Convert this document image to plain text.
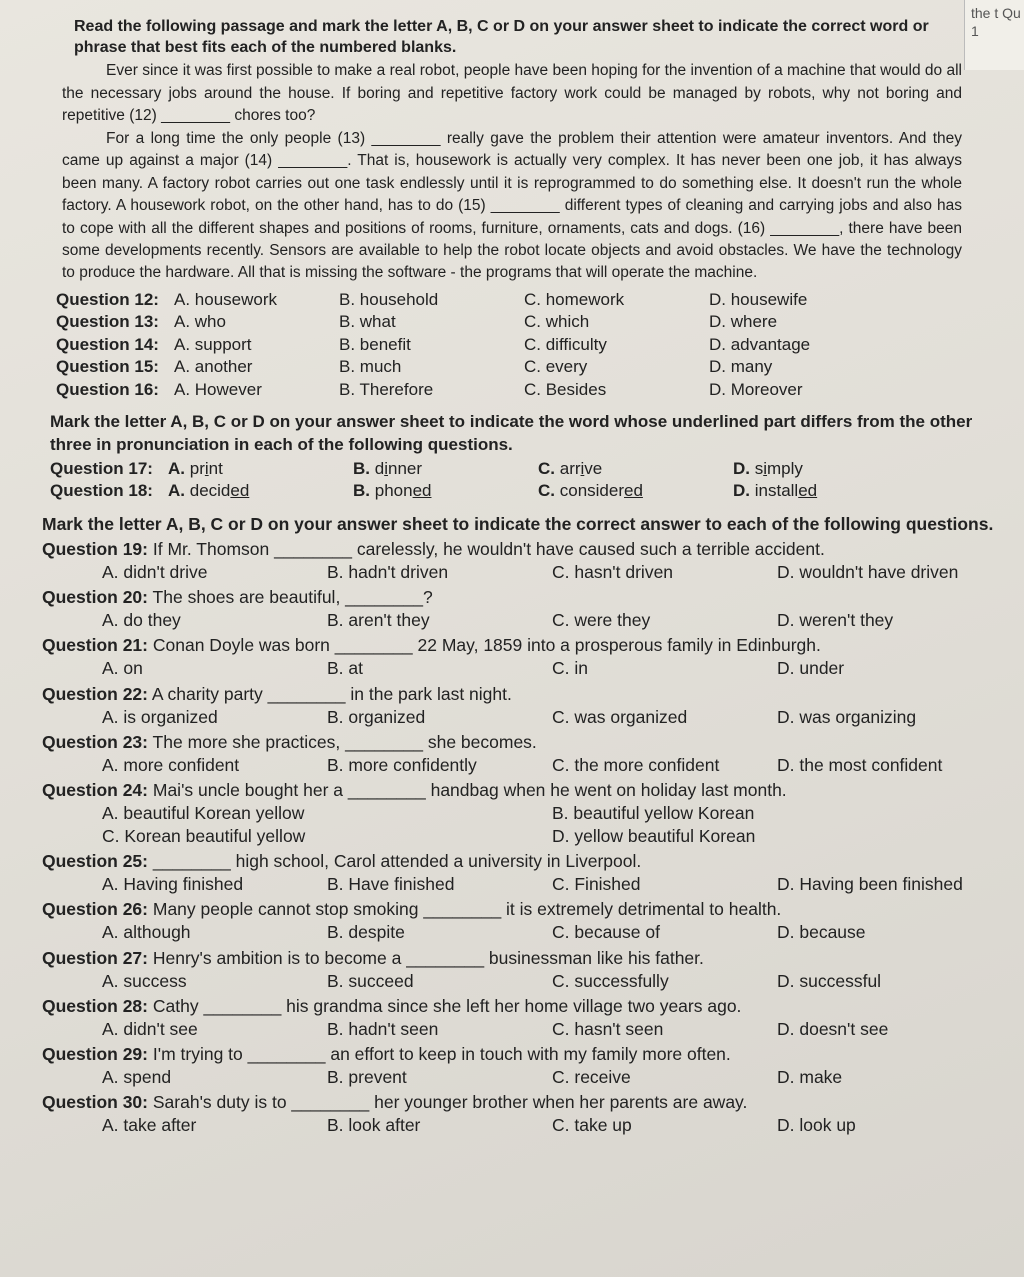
the t Qu 1

Read the following passage and mark the letter A, B, C or D on your answer sheet to indicate the correct word or phrase that best fits each of the numbered blanks.

Ever since it was first possible to make a real robot, people have been hoping for the invention of a machine that would do all the necessary jobs around the house. If boring and repetitive factory work could be managed by robots, why not boring and repetitive (12) ________ chores too?

For a long time the only people (13) ________ really gave the problem their attention were amateur inventors. And they came up against a major (14) ________. That is, housework is actually very complex. It has never been one job, it has always been many. A factory robot carries out one task endlessly until it is reprogrammed to do something else. It doesn't run the whole factory. A housework robot, on the other hand, has to do (15) ________ different types of cleaning and carrying jobs and also has to cope with all the different shapes and positions of rooms, furniture, ornaments, cats and dogs. (16) ________, there have been some developments recently. Sensors are available to help the robot locate objects and avoid obstacles. We have the technology to produce the hardware. All that is missing the software - the programs that will operate the machine.

Question 12: A. housework	B. household	C. homework	D. housewife
Question 13: A. who	B. what	C. which	D. where
Question 14: A. support	B. benefit	C. difficulty	D. advantage
Question 15: A. another	B. much	C. every	D. many
Question 16: A. However	B. Therefore	C. Besides	D. Moreover

Mark the letter A, B, C or D on your answer sheet to indicate the word whose underlined part differs from the other three in pronunciation in each of the following questions.

Question 17: A. print	B. dinner	C. arrive	D. simply
Question 18: A. decided	B. phoned	C. considered	D. installed

Mark the letter A, B, C or D on your answer sheet to indicate the correct answer to each of the following questions.

Question 19: If Mr. Thomson ________ carelessly, he wouldn't have caused such a terrible accident.

A. didn't drive	B. hadn't driven	C. hasn't driven	D. wouldn't have driven

Question 20: The shoes are beautiful, ________?

A. do they	B. aren't they	C. were they	D. weren't they

Question 21: Conan Doyle was born ________ 22 May, 1859 into a prosperous family in Edinburgh.

A. on	B. at	C. in	D. under

Question 22: A charity party ________ in the park last night.

A. is organized	B. organized	C. was organized	D. was organizing

Question 23: The more she practices, ________ she becomes.

A. more confident	B. more confidently	C. the more confident	D. the most confident

Question 24: Mai's uncle bought her a ________ handbag when he went on holiday last month.

A. beautiful Korean yellow	B. beautiful yellow Korean
C. Korean beautiful yellow	D. yellow beautiful Korean

Question 25: ________ high school, Carol attended a university in Liverpool.

A. Having finished	B. Have finished	C. Finished	D. Having been finished

Question 26: Many people cannot stop smoking ________ it is extremely detrimental to health.

A. although	B. despite	C. because of	D. because

Question 27: Henry's ambition is to become a ________ businessman like his father.

A. success	B. succeed	C. successfully	D. successful

Question 28: Cathy ________ his grandma since she left her home village two years ago.

A. didn't see	B. hadn't seen	C. hasn't seen	D. doesn't see

Question 29: I'm trying to ________ an effort to keep in touch with my family more often.

A. spend	B. prevent	C. receive	D. make

Question 30: Sarah's duty is to ________ her younger brother when her parents are away.

A. take after	B. look after	C. take up	D. look up
